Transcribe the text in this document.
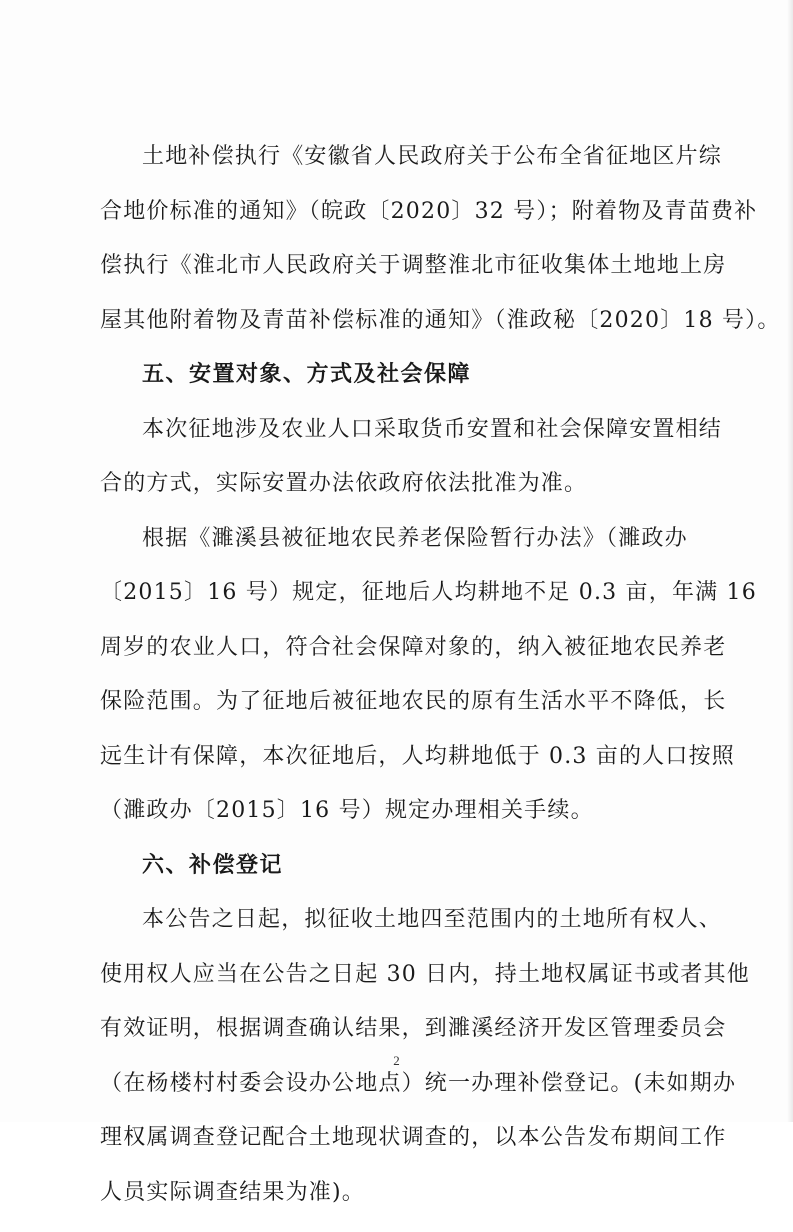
土地补偿执行《安徽省人民政府关于公布全省征地区片综
合地价标准的通知》（皖政〔2020〕32 号）；附着物及青苗费补
偿执行《淮北市人民政府关于调整淮北市征收集体土地地上房
屋其他附着物及青苗补偿标准的通知》（淮政秘〔2020〕18 号）。
五、安置对象、方式及社会保障
本次征地涉及农业人口采取货币安置和社会保障安置相结
合的方式，实际安置办法依政府依法批准为准。
根据《濉溪县被征地农民养老保险暂行办法》（濉政办
〔2015〕16 号）规定，征地后人均耕地不足 0.3 亩，年满 16
周岁的农业人口，符合社会保障对象的，纳入被征地农民养老
保险范围。为了征地后被征地农民的原有生活水平不降低，长
远生计有保障，本次征地后，人均耕地低于 0.3 亩的人口按照
（濉政办〔2015〕16 号）规定办理相关手续。
六、补偿登记
本公告之日起，拟征收土地四至范围内的土地所有权人、
使用权人应当在公告之日起 30 日内，持土地权属证书或者其他
有效证明，根据调查确认结果，到濉溪经济开发区管理委员会
（在杨楼村村委会设办公地点）统一办理补偿登记。(未如期办
理权属调查登记配合土地现状调查的，以本公告发布期间工作
人员实际调查结果为准)。
2
